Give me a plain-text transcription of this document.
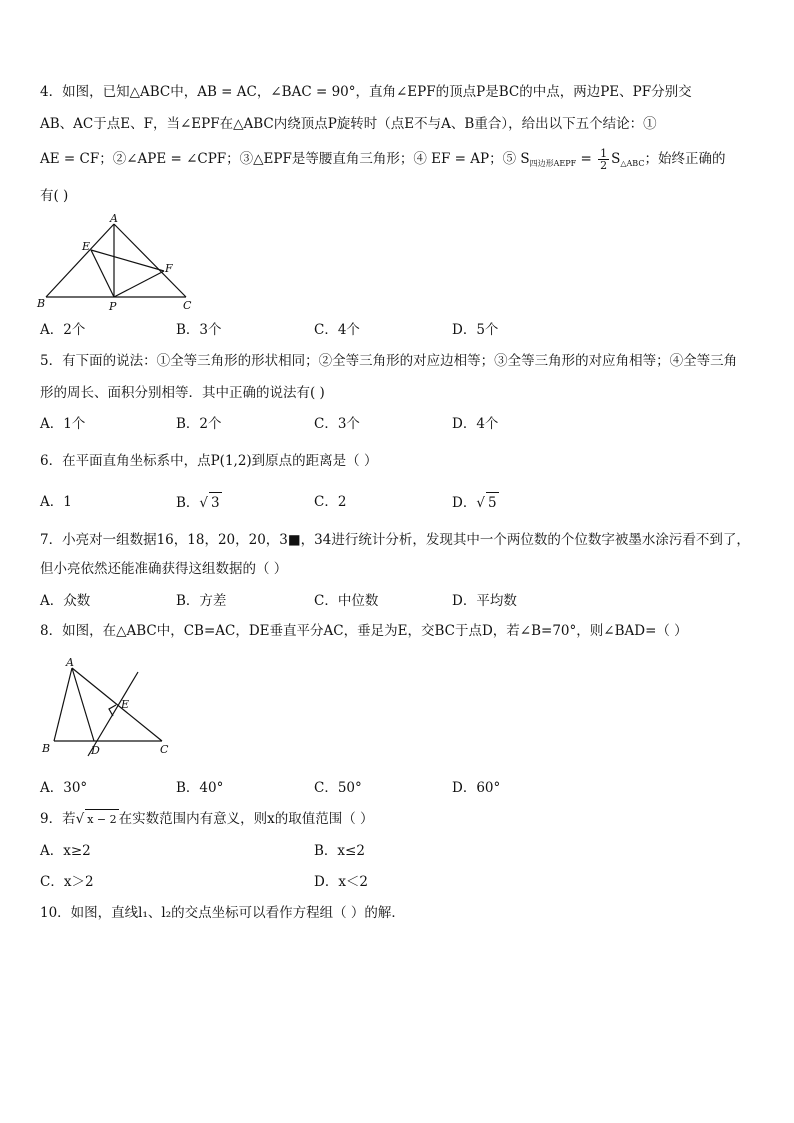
4．如图，已知△ABC中，AB = AC，∠BAC = 90°，直角∠EPF的顶点P是BC的中点，两边PE、PF分别交
AB、AC于点E、F，当∠EPF在△ABC内绕顶点P旋转时（点E不与A、B重合），给出以下五个结论：①
AE = CF；②∠APE = ∠CPF；③△EPF是等腰直角三角形；④ EF = AP；⑤ $S_{四边形AEPF} = \frac{1}{2} S_{\triangle ABC}$；始终正确的
有( )
A
E
F
B	P	C
A．2个	B．3个	C．4个	D．5个
5．有下面的说法：①全等三角形的形状相同；②全等三角形的对应边相等；③全等三角形的对应角相等；④全等三角
形的周长、面积分别相等．其中正确的说法有( )
A．1个	B．2个	C．3个	D．4个
6．在平面直角坐标系中，点P(1,2)到原点的距离是（ ）
A．1	B．√ 3	C．2	D．√ 5
7．小亮对一组数据16，18，20，20，3■，34进行统计分析，发现其中一个两位数的个位数字被墨水涂污看不到了，
但小亮依然还能准确获得这组数据的（ ）
A．众数	B．方差	C．中位数	D．平均数
8．如图，在△ABC中，CB=AC，DE垂直平分AC，垂足为E，交BC于点D，若∠B=70°，则∠BAD=（ ）
A
E
B	D	C
A．30°	B．40°	C．50°	D．60°
9．若√ x − 2 在实数范围内有意义，则x的取值范围（ ）
A．x≥2	B．x≤2
C．x＞2	D．x＜2
10．如图，直线l₁、l₂的交点坐标可以看作方程组（ ）的解．
